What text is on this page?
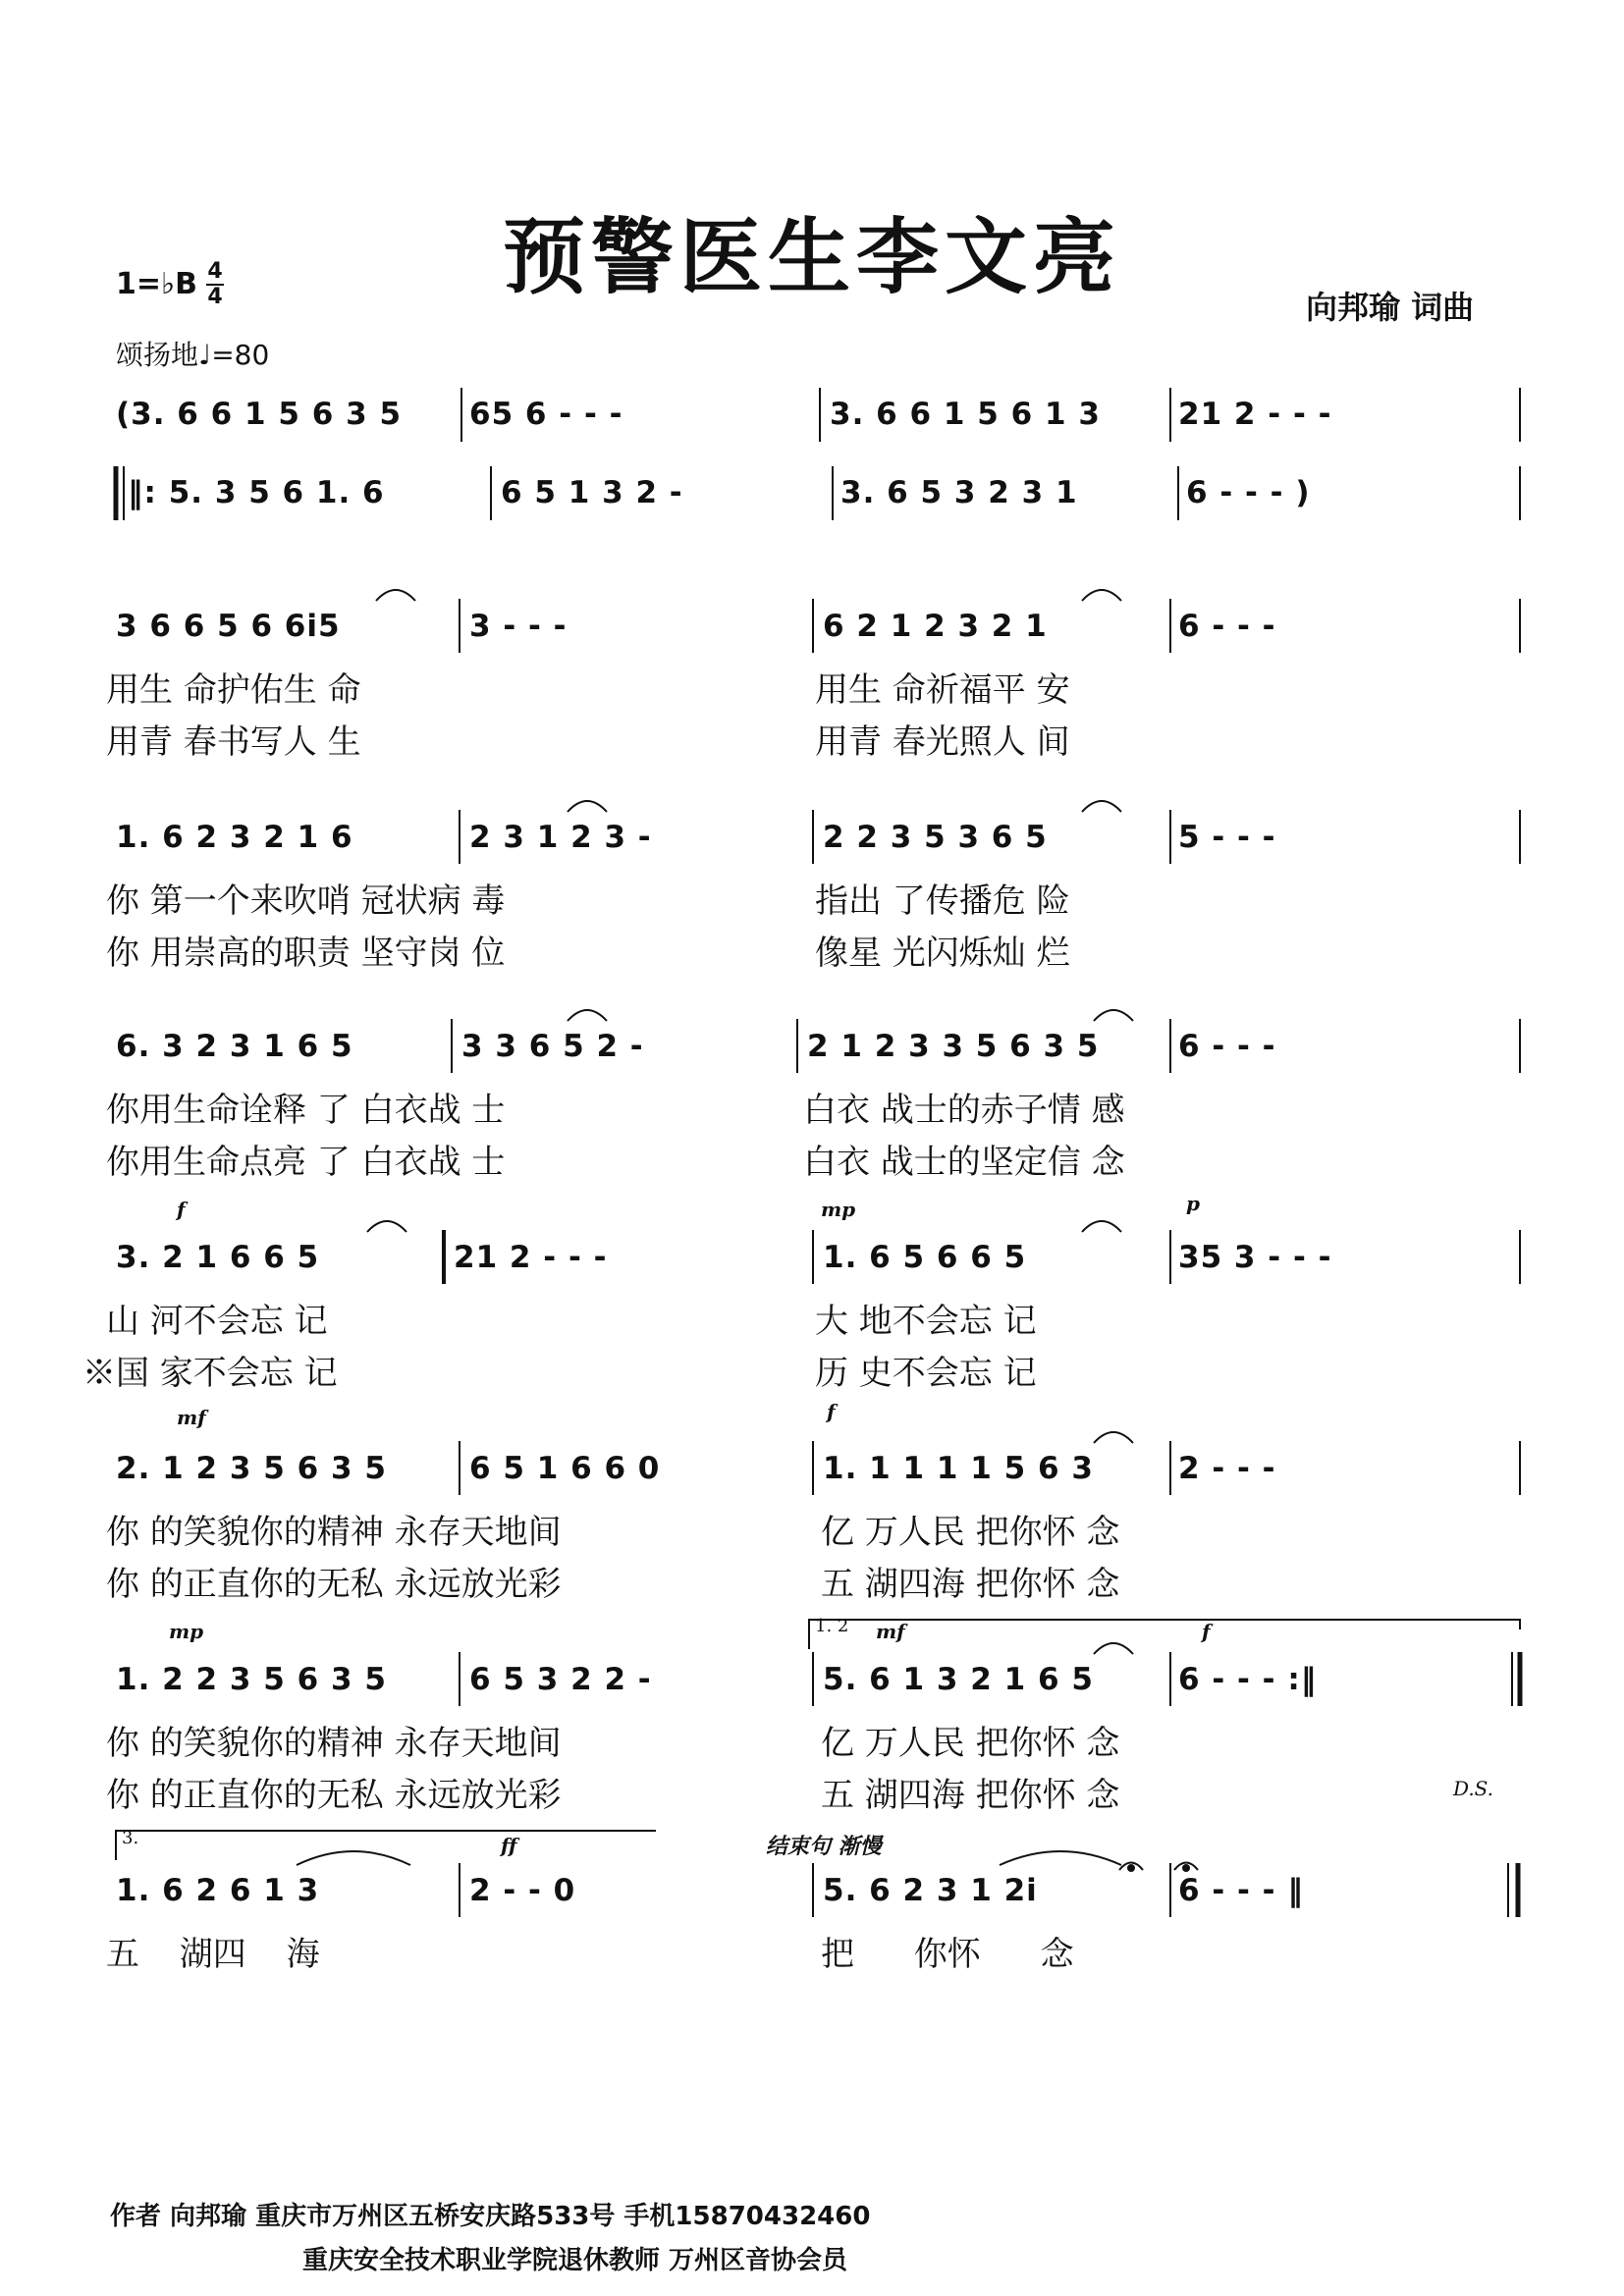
预警医生李文亮
1=♭B 4
4
颂扬地♩=80
向邦瑜 词曲
(3. 6 6 1 5 6 3 5 65 6 - - -	3. 6 6 1 5 6 1 3	21 2 - - -
‖: 5. 3 5 6 1. 6	6 5 1 3 2 -	3. 6 5 3 2 3 1	6 - - - )
3 6 6 5 6 6i5	3 - - -	6 2 1 2 3 2 1	6 - - -
用生 命护佑生 命	用生 命祈福平 安
用青 春书写人 生	用青 春光照人 间
1. 6 2 3 2 1 6	2 3 1 2 3 -	2 2 3 5 3 6 5	5 - - -
你 第一个来吹哨 冠状病 毒	指出 了传播危 险
你 用崇高的职责 坚守岗 位	像星 光闪烁灿 烂
6. 3 2 3 1 6 5	3 3 6 5 2 -	2 1 2 3 3 5 6 3 5	6 - - -
你用生命诠释 了 白衣战 士	白衣 战士的赤子情 感
你用生命点亮 了 白衣战 士	白衣 战士的坚定信 念
f	mp	p
3. 2 1 6 6 5	21 2 - - -	1. 6 5 6 6 5	35 3 - - -
山 河不会忘 记	大 地不会忘 记
※国 家不会忘 记	历 史不会忘 记
mf	f
2. 1 2 3 5 6 3 5	6 5 1 6 6 0	1. 1 1 1 1 5 6 3	2 - - -
你 的笑貌你的精神 永存天地间	亿 万人民 把你怀 念
你 的正直你的无私 永远放光彩	五 湖四海 把你怀 念
mp	mf	f
1. 2
1. 2 2 3 5 6 3 5	6 5 3 2 2 -	5. 6 1 3 2 1 6 5	6 - - - :‖
你 的笑貌你的精神 永存天地间	亿 万人民 把你怀 念
你 的正直你的无私 永远放光彩	五 湖四海 把你怀 念	D.S.
3.	ff	结束句 渐慢
1. 6 2 6 1 3	2 - - 0	5. 6 2 3 1 2i	6 - - - ‖
五 湖四 海	把 你怀 念
作者 向邦瑜 重庆市万州区五桥安庆路533号 手机15870432460
重庆安全技术职业学院退休教师 万州区音协会员
